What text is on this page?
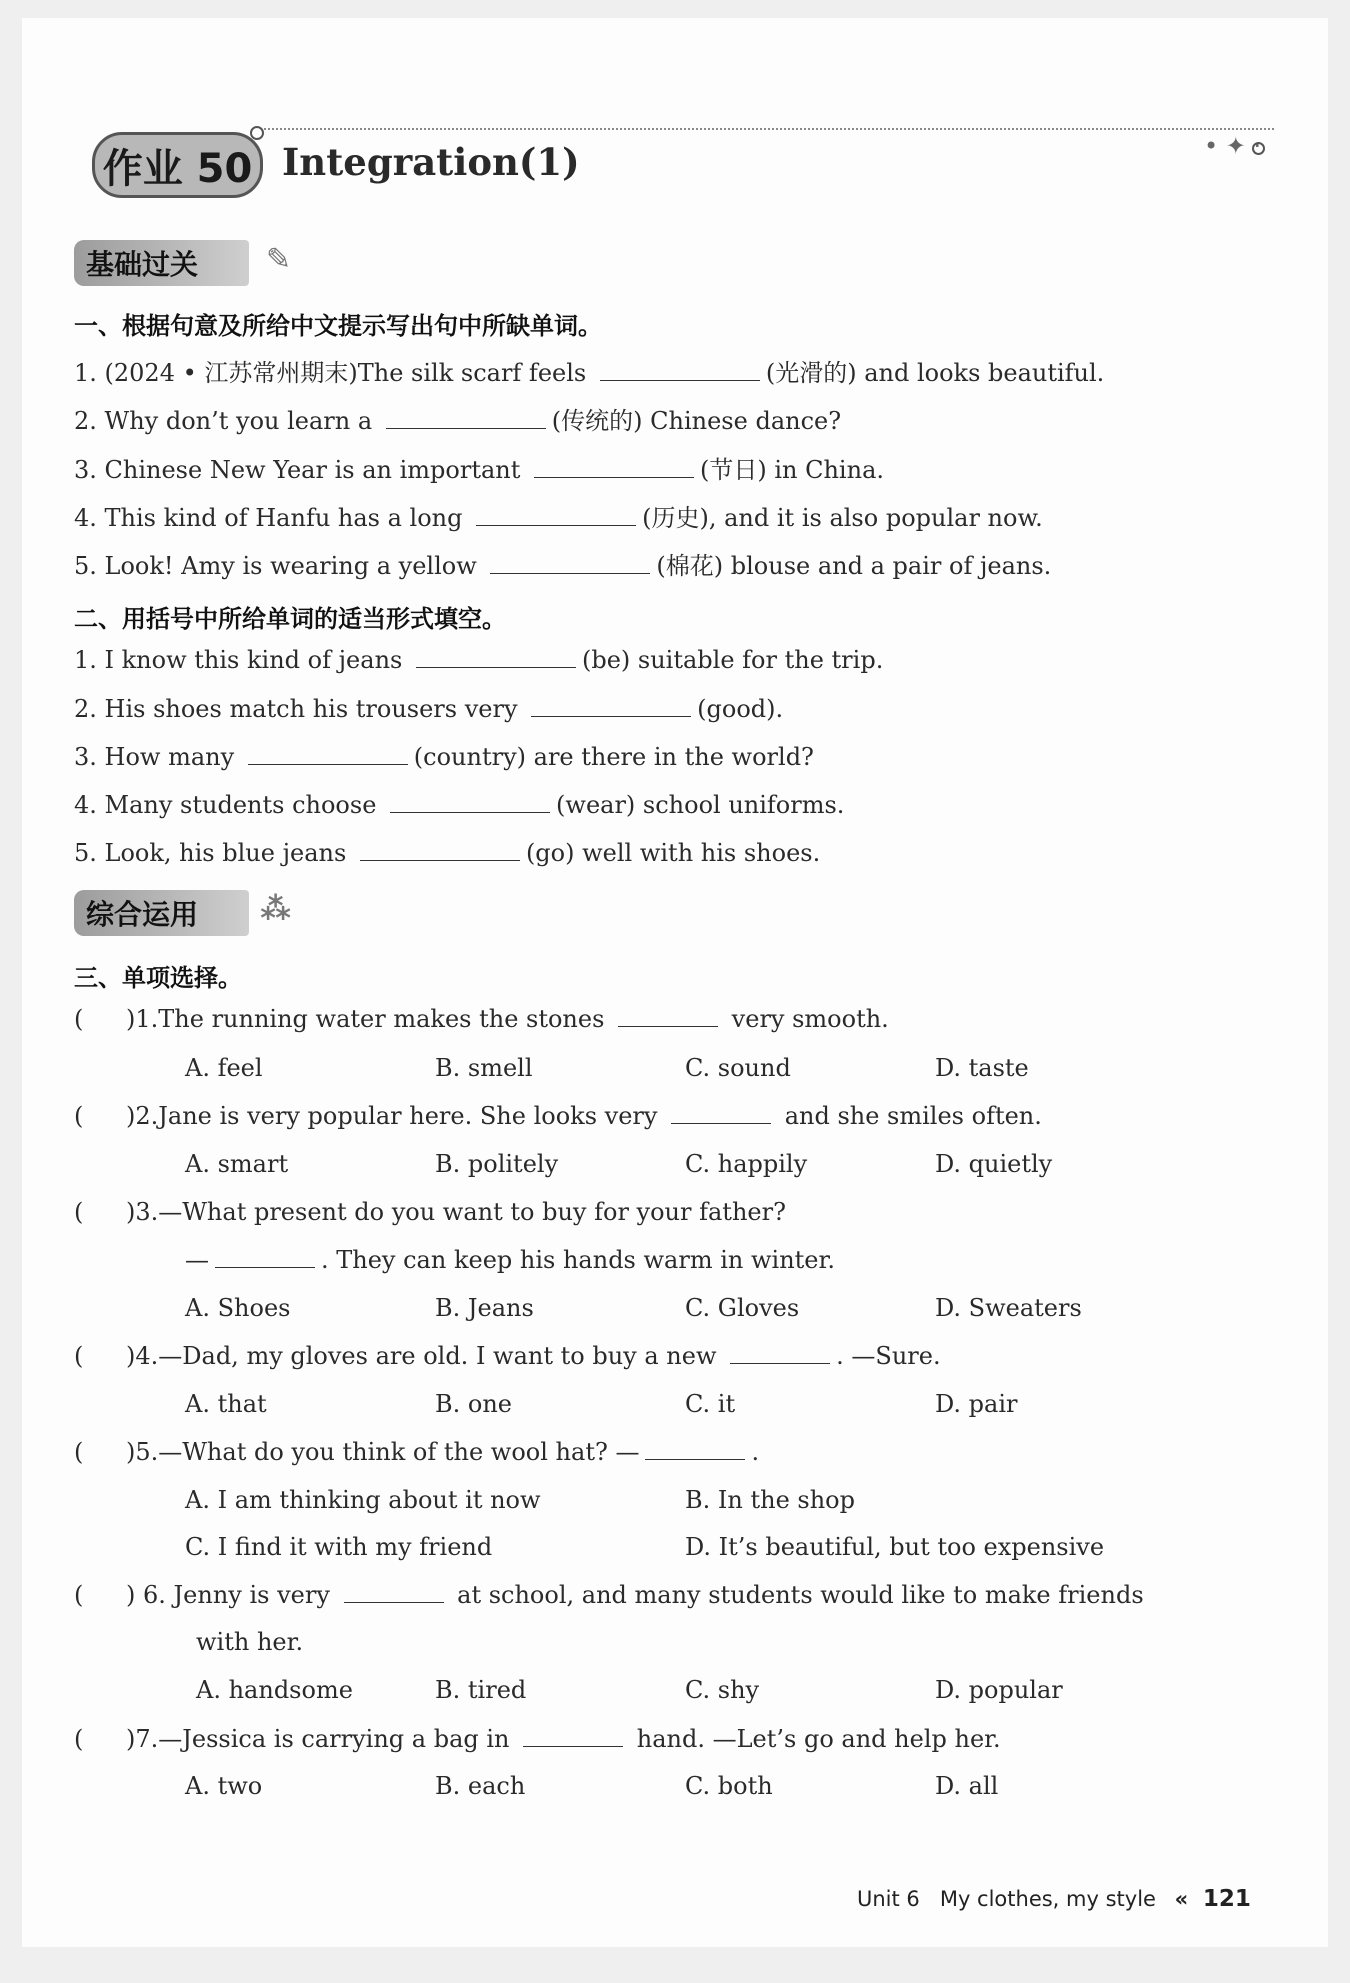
作业 50 Integration(1)	• ✦ ·
基础过关 ✎
一、根据句意及所给中文提示写出句中所缺单词。
1. (2024 • 江苏常州期末)The silk scarf feels	(光滑的) and looks beautiful.
2. Why don’t you learn a	(传统的) Chinese dance?
3. Chinese New Year is an important	(节日) in China.
4. This kind of Hanfu has a long	(历史), and it is also popular now.
5. Look! Amy is wearing a yellow	(棉花) blouse and a pair of jeans.
二、用括号中所给单词的适当形式填空。
1. I know this kind of jeans	(be) suitable for the trip.
2. His shoes match his trousers very	(good).
3. How many	(country) are there in the world?
4. Many students choose	(wear) school uniforms.
5. Look, his blue jeans	(go) well with his shoes.
综合运用 ⁂
三、单项选择。
( )1.The running water makes the stones	very smooth.
A. feel	B. smell	C. sound	D. taste
( )2.Jane is very popular here. She looks very	and she smiles often.
A. smart	B. politely	C. happily	D. quietly
( )3.—What present do you want to buy for your father?
—	. They can keep his hands warm in winter.
A. Shoes	B. Jeans	C. Gloves	D. Sweaters
( )4.—Dad, my gloves are old. I want to buy a new	. —Sure.
A. that	B. one	C. it	D. pair
( )5.—What do you think of the wool hat? —	.
A. I am thinking about it now	B. In the shop
C. I find it with my friend	D. It’s beautiful, but too expensive
( ) 6. Jenny is very	at school, and many students would like to make friends
with her.
A. handsome	B. tired	C. shy	D. popular
( )7.—Jessica is carrying a bag in	hand. —Let’s go and help her.
A. two	B. each	C. both	D. all
Unit 6 My clothes, my style « 121
